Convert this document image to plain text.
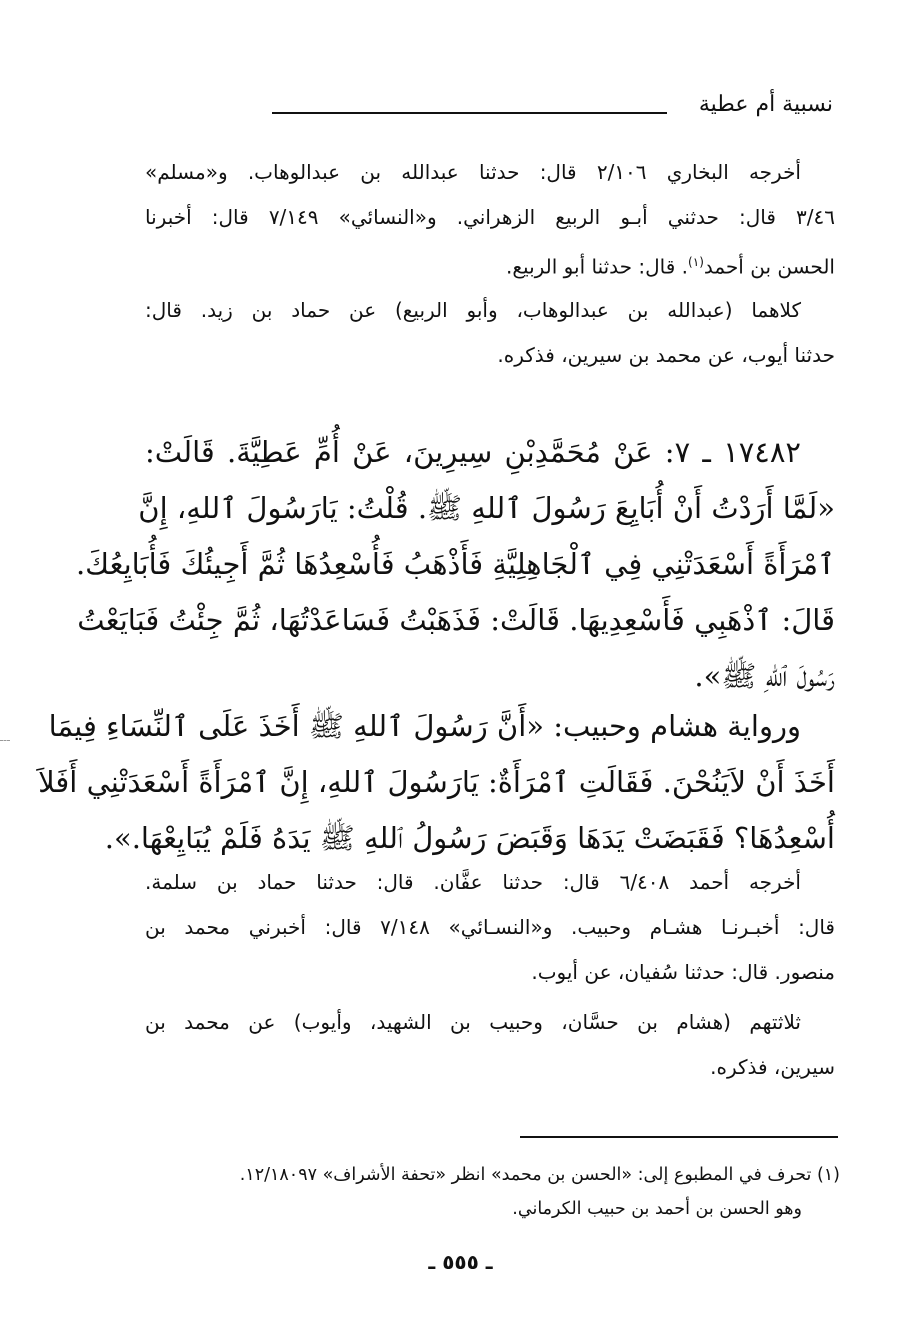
نسبية أم عطية
أخرجه البخاري ٢/١٠٦ قال: حدثنا عبدالله بن عبدالوهاب. و«مسلم»
٣/٤٦ قال: حدثني أبـو الربيع الزهراني. و«النسائي» ٧/١٤٩ قال: أخبرنا
الحسن بن أحمد$^{(١)}$. قال: حدثنا أبو الربيع.
كلاهما (عبدالله بن عبدالوهاب، وأبو الربيع) عن حماد بن زيد. قال:
حدثنا أيوب، عن محمد بن سيرين، فذكره.
١٧٤٨٢ ـ ٧: عَنْ مُحَمَّدِبْنِ سِيرِينَ، عَنْ أُمِّ عَطِيَّةَ. قَالَتْ:
«لَمَّا أَرَدْتُ أَنْ أُبَايِعَ رَسُولَ ٱللهِ ﷺ. قُلْتُ: يَارَسُولَ ٱللهِ، إِنَّ
ٱمْرَأَةً أَسْعَدَتْنِي فِي ٱلْجَاهِلِيَّةِ فَأَذْهَبُ فَأُسْعِدُهَا ثُمَّ أَجِيئُكَ فَأُبَايِعُكَ.
قَالَ: ٱذْهَبِي فَأَسْعِدِيهَا. قَالَتْ: فَذَهَبْتُ فَسَاعَدْتُهَا، ثُمَّ جِئْتُ فَبَايَعْتُ
رَسُولَ ٱللهِ ﷺ».
ورواية هشام وحبيب: «أَنَّ رَسُولَ ٱللهِ ﷺ أَخَذَ عَلَى ٱلنِّسَاءِ فِيمَا
أَخَذَ أَنْ لاَيَنُحْنَ. فَقَالَتِ ٱمْرَأَةٌ: يَارَسُولَ ٱللهِ، إِنَّ ٱمْرَأَةً أَسْعَدَتْنِي أَفَلاَ
أُسْعِدُهَا؟ فَقَبَضَتْ يَدَهَا وَقَبَضَ رَسُولُ ٱللهِ ﷺ يَدَهُ فَلَمْ يُبَايِعْهَا.».
أخرجه أحمد ٦/٤٠٨ قال: حدثنا عفَّان. قال: حدثنا حماد بن سلمة.
قال: أخبـرنـا هشـام وحبيب. و«النسـائي» ٧/١٤٨ قال: أخبرني محمد بن
منصور. قال: حدثنا سُفيان، عن أيوب.
ثلاثتهم (هشام بن حسَّان، وحبيب بن الشهيد، وأيوب) عن محمد بن
سيرين، فذكره.
(١) تحرف في المطبوع إلى: «الحسن بن محمد» انظر «تحفة الأشراف» ١٢/١٨٠٩٧.
وهو الحسن بن أحمد بن حبيب الكرماني.
ـ ٥٥٥ ـ
